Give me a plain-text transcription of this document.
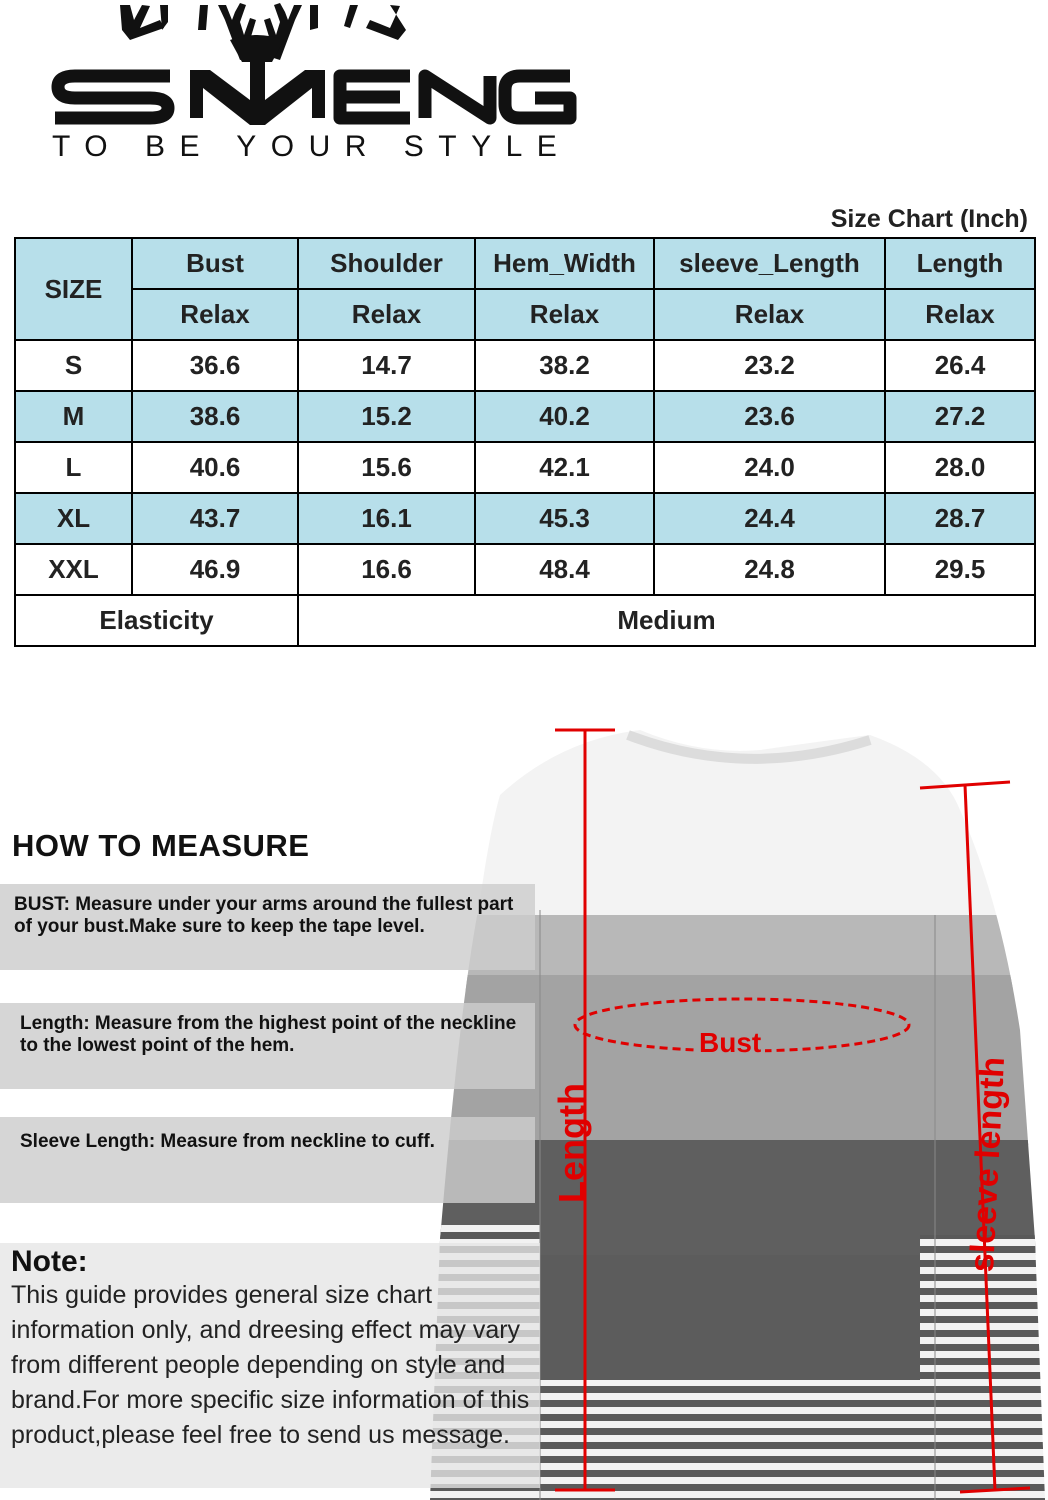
TO BE YOUR STYLE
Size Chart (Inch)
SIZE	Bust	Shoulder	Hem_Width	sleeve_Length	Length
	Relax	Relax	Relax	Relax	Relax
S	36.6	14.7	38.2	23.2	26.4
M	38.6	15.2	40.2	23.6	27.2
L	40.6	15.6	42.1	24.0	28.0
XL	43.7	16.1	45.3	24.4	28.7
XXL	46.9	16.6	48.4	24.8	29.5
Elasticity		Medium			
Bust
Length	sleeve length
HOW TO MEASURE
BUST: Measure under your arms around the fullest part of your bust.Make sure to keep the tape level.
Length: Measure from the highest point of the neckline to the lowest point of the hem.
Sleeve Length: Measure from neckline to cuff.
Note:
This guide provides general size chart information only, and dreesing effect may vary from different people depending on style and brand.For more specific size information of this product,please feel free to send us message.
